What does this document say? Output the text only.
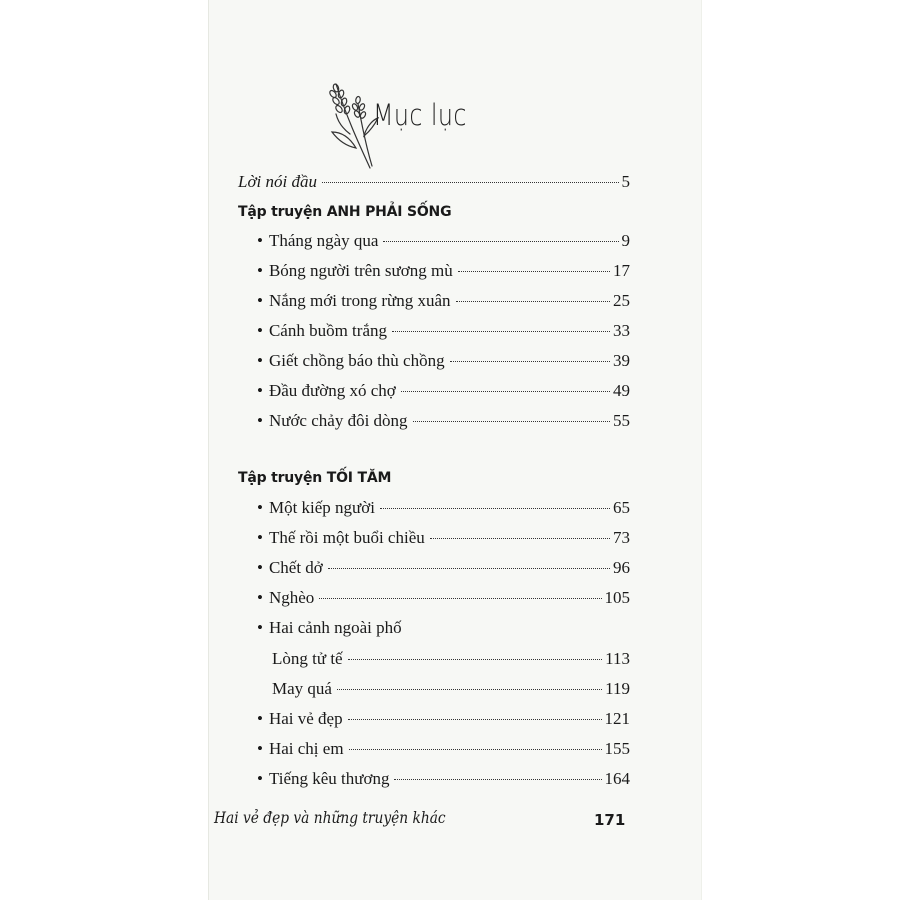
Mục lục
Lời nói đầu	5
Tập truyện ANH PHẢI SỐNG
• Tháng ngày qua	9
• Bóng người trên sương mù	17
• Nắng mới trong rừng xuân	25
• Cánh buồm trắng	33
• Giết chồng báo thù chồng	39
• Đầu đường xó chợ	49
• Nước chảy đôi dòng	55
Tập truyện TỐI TĂM
• Một kiếp người	65
• Thế rồi một buổi chiều	73
• Chết dở	96
• Nghèo	105
• Hai cảnh ngoài phố
Lòng tử tế	113
May quá	119
• Hai vẻ đẹp	121
• Hai chị em	155
• Tiếng kêu thương	164
Hai vẻ đẹp và những truyện khác	171
